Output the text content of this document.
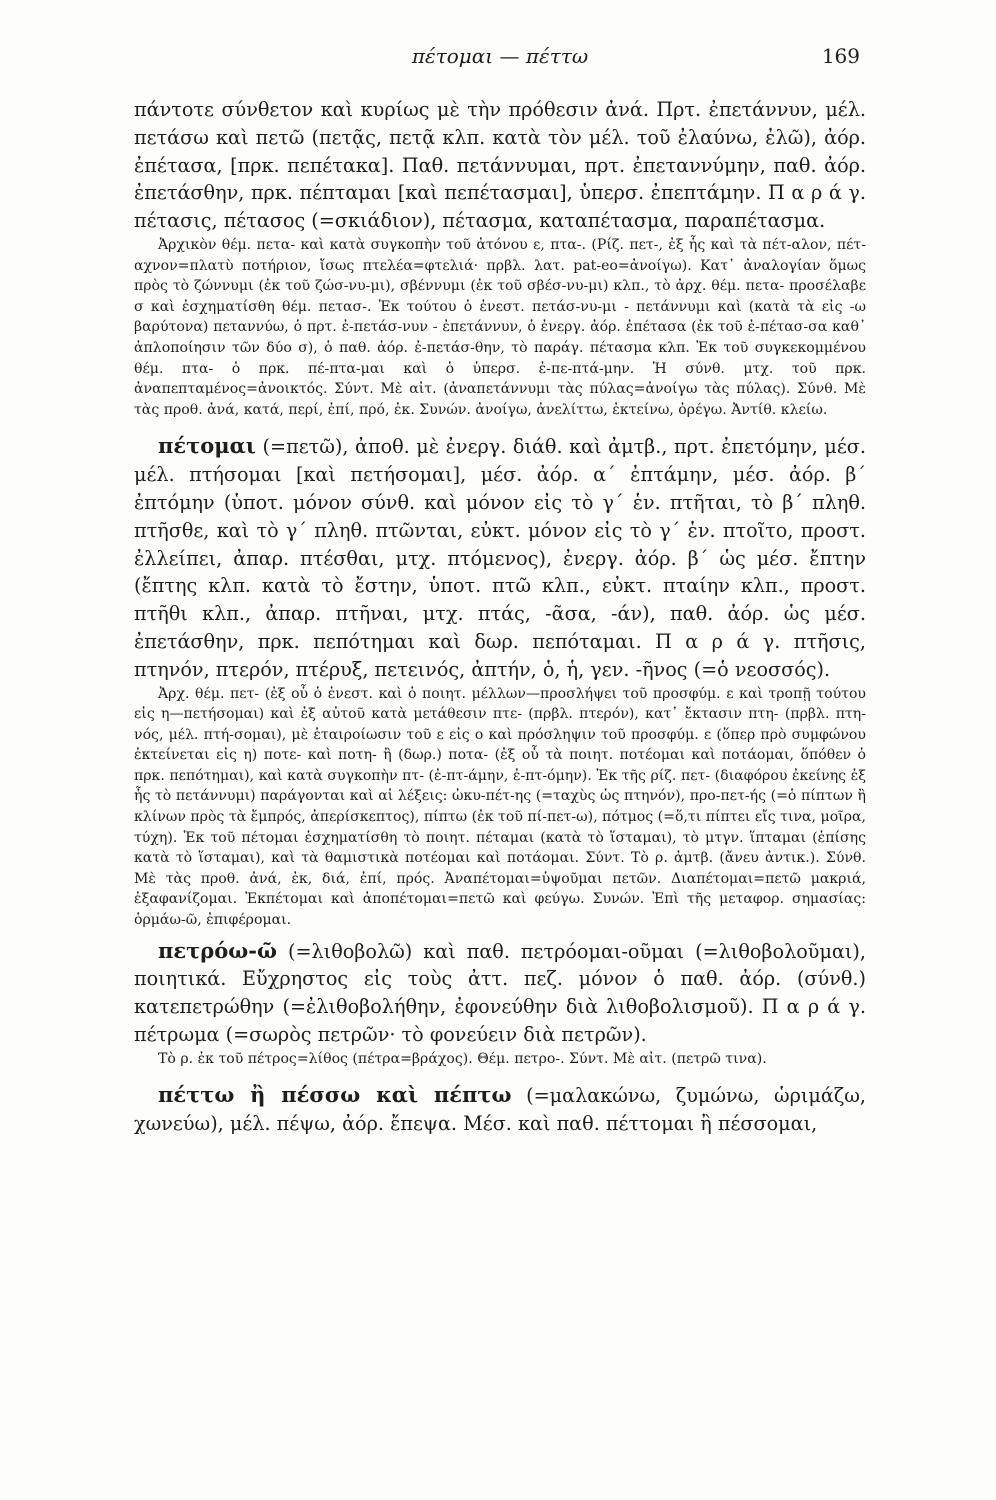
πέτομαι — πέττω	169

πάντοτε σύνθετον καὶ κυρίως μὲ τὴν πρόθεσιν ἀνά. Πρτ. ἐπετάννυν, μέλ. πετάσω καὶ πετῶ (πετᾷς, πετᾷ κλπ. κατὰ τὸν μέλ. τοῦ ἐλαύνω, ἐλῶ), ἀόρ. ἐπέτασα, [πρκ. πεπέτακα]. Παθ. πετάννυμαι, πρτ. ἐπεταννύμην, παθ. ἀόρ. ἐπετάσθην, πρκ. πέπταμαι [καὶ πεπέτασμαι], ὑπερσ. ἐπεπτάμην. Π α ρ ά γ. πέτασις, πέτασος (=σκιάδιον), πέτασμα, καταπέτασμα, παραπέτασμα.

Ἀρχικὸν θέμ. πετα- καὶ κατὰ συγκοπὴν τοῦ ἀτόνου ε, πτα-. (Ρίζ. πετ-, ἐξ ἧς καὶ τὰ πέτ-αλον, πέτ-αχνον=πλατὺ ποτήριον, ἴσως πτελέα=φτελιά· πρβλ. λατ. pat-eo=ἀνοίγω). Κατ᾽ ἀναλογίαν ὅμως πρὸς τὸ ζώννυμι (ἐκ τοῦ ζώσ-νυ-μι), σβέννυμι (ἐκ τοῦ σβέσ-νυ-μι) κλπ., τὸ ἀρχ. θέμ. πετα- προσέλαβε σ καὶ ἐσχηματίσθη θέμ. πετασ-. Ἐκ τούτου ὁ ἐνεστ. πετάσ-νυ-μι - πετάννυμι καὶ (κατὰ τὰ εἰς -ω βαρύτονα) πεταννύω, ὁ πρτ. ἐ-πετάσ-νυν - ἐπετάννυν, ὁ ἐνεργ. ἀόρ. ἐπέτασα (ἐκ τοῦ ἐ-πέτασ-σα καθ᾽ ἁπλοποίησιν τῶν δύο σ), ὁ παθ. ἀόρ. ἐ-πετάσ-θην, τὸ παράγ. πέτασμα κλπ. Ἐκ τοῦ συγκεκομμένου θέμ. πτα- ὁ πρκ. πέ-πτα-μαι καὶ ὁ ὑπερσ. ἐ-πε-πτά-μην. Ἡ σύνθ. μτχ. τοῦ πρκ. ἀναπεπταμένος=ἀνοικτός. Σύντ. Μὲ αἰτ. (ἀναπετάννυμι τὰς πύλας=ἀνοίγω τὰς πύλας). Σύνθ. Μὲ τὰς προθ. ἀνά, κατά, περί, ἐπί, πρό, ἐκ. Συνών. ἀνοίγω, ἀνελίττω, ἐκτείνω, ὀρέγω. Ἀντίθ. κλείω.

πέτομαι (=πετῶ), ἀποθ. μὲ ἐνεργ. διάθ. καὶ ἀμτβ., πρτ. ἐπετόμην, μέσ. μέλ. πτήσομαι [καὶ πετήσομαι], μέσ. ἀόρ. α´ ἐπτάμην, μέσ. ἀόρ. β´ ἐπτόμην (ὑποτ. μόνον σύνθ. καὶ μόνον εἰς τὸ γ´ ἑν. πτῆται, τὸ β´ πληθ. πτῆσθε, καὶ τὸ γ´ πληθ. πτῶνται, εὐκτ. μόνον εἰς τὸ γ´ ἑν. πτοῖτο, προστ. ἐλλείπει, ἀπαρ. πτέσθαι, μτχ. πτόμενος), ἐνεργ. ἀόρ. β´ ὡς μέσ. ἔπτην (ἔπτης κλπ. κατὰ τὸ ἔστην, ὑποτ. πτῶ κλπ., εὐκτ. πταίην κλπ., προστ. πτῆθι κλπ., ἀπαρ. πτῆναι, μτχ. πτάς, -ᾶσα, -άν), παθ. ἀόρ. ὡς μέσ. ἐπετάσθην, πρκ. πεπότημαι καὶ δωρ. πεπόταμαι. Π α ρ ά γ. πτῆσις, πτηνόν, πτερόν, πτέρυξ, πετεινός, ἀπτήν, ὁ, ἡ, γεν. -ῆνος (=ὁ νεοσσός).

Ἀρχ. θέμ. πετ- (ἐξ οὗ ὁ ἐνεστ. καὶ ὁ ποιητ. μέλλων—προσλήψει τοῦ προσφύμ. ε καὶ τροπῇ τούτου εἰς η—πετήσομαι) καὶ ἐξ αὐτοῦ κατὰ μετάθεσιν πτε- (πρβλ. πτερόν), κατ᾽ ἔκτασιν πτη- (πρβλ. πτη-νός, μέλ. πτή-σομαι), μὲ ἑταιροίωσιν τοῦ ε εἰς ο καὶ πρόσληψιν τοῦ προσφύμ. ε (ὅπερ πρὸ συμφώνου ἐκτείνεται εἰς η) ποτε- καὶ ποτη- ἢ (δωρ.) ποτα- (ἐξ οὗ τὰ ποιητ. ποτέομαι καὶ ποτάομαι, ὅπόθεν ὁ πρκ. πεπότημαι), καὶ κατὰ συγκοπὴν πτ- (ἐ-πτ-άμην, ἐ-πτ-όμην). Ἐκ τῆς ρίζ. πετ- (διαφόρου ἐκείνης ἐξ ἧς τὸ πετάννυμι) παράγονται καὶ αἱ λέξεις: ὠκυ-πέτ-ης (=ταχὺς ὡς πτηνόν), προ-πετ-ής (=ὁ πίπτων ἢ κλίνων πρὸς τὰ ἔμπρός, ἀπερίσκεπτος), πίπτω (ἐκ τοῦ πί-πετ-ω), πότμος (=ὅ,τι πίπτει εἴς τινα, μοῖρα, τύχη). Ἐκ τοῦ πέτομαι ἐσχηματίσθη τὸ ποιητ. πέταμαι (κατὰ τὸ ἵσταμαι), τὸ μτγν. ἵπταμαι (ἐπίσης κατὰ τὸ ἵσταμαι), καὶ τὰ θαμιστικὰ ποτέομαι καὶ ποτάομαι. Σύντ. Τὸ ρ. ἀμτβ. (ἄνευ ἀντικ.). Σύνθ. Μὲ τὰς προθ. ἀνά, ἐκ, διά, ἐπί, πρός. Ἀναπέτομαι=ὑψοῦμαι πετῶν. Διαπέτομαι=πετῶ μακριά, ἐξαφανίζομαι. Ἐκπέτομαι καὶ ἀποπέτομαι=πετῶ καὶ φεύγω. Συνών. Ἐπὶ τῆς μεταφορ. σημασίας: ὁρμάω-ῶ, ἐπιφέρομαι.

πετρόω-ῶ (=λιθοβολῶ) καὶ παθ. πετρόομαι-οῦμαι (=λιθοβολοῦμαι), ποιητικά. Εὔχρηστος εἰς τοὺς ἀττ. πεζ. μόνον ὁ παθ. ἀόρ. (σύνθ.) κατεπετρώθην (=ἐλιθοβολήθην, ἐφονεύθην διὰ λιθοβολισμοῦ). Π α ρ ά γ. πέτρωμα (=σωρὸς πετρῶν· τὸ φονεύειν διὰ πετρῶν).

Τὸ ρ. ἐκ τοῦ πέτρος=λίθος (πέτρα=βράχος). Θέμ. πετρο-. Σύντ. Μὲ αἰτ. (πετρῶ τινα).

πέττω ἢ πέσσω καὶ πέπτω (=μαλακώνω, ζυμώνω, ὡριμάζω, χωνεύω), μέλ. πέψω, ἀόρ. ἔπεψα. Μέσ. καὶ παθ. πέττομαι ἢ πέσσομαι,
